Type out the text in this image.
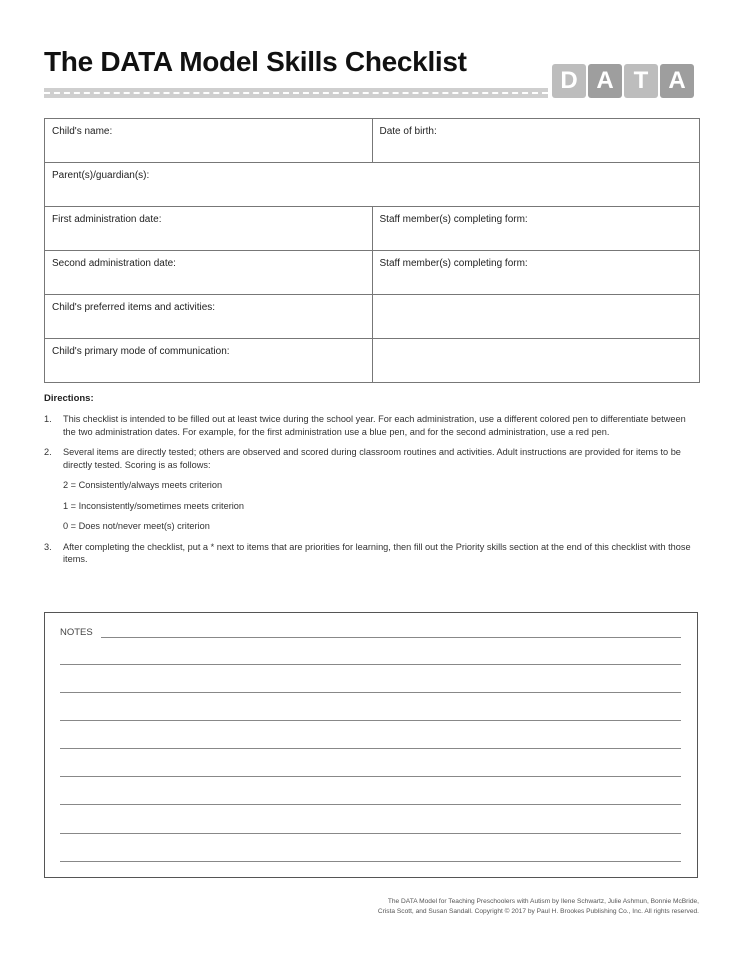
The DATA Model Skills Checklist
D A T A
Child's name:	Date of birth:
Parent(s)/guardian(s):	
First administration date:	Staff member(s) completing form:
Second administration date:	Staff member(s) completing form:
Child's preferred items and activities:	
Child's primary mode of communication:	
Directions:
1.	This checklist is intended to be filled out at least twice during the school year. For each administration, use a different colored pen to differentiate between the two administration dates. For example, for the first administration use a blue pen, and for the second administration, use a red pen.
2.	Several items are directly tested; others are observed and scored during classroom routines and activities. Adult instructions are provided for items to be directly tested. Scoring is as follows:
2 = Consistently/always meets criterion
1 = Inconsistently/sometimes meets criterion
0 = Does not/never meet(s) criterion
3.	After completing the checklist, put a * next to items that are priorities for learning, then fill out the Priority skills section at the end of this checklist with those items.
NOTES
The DATA Model for Teaching Preschoolers with Autism by Ilene Schwartz, Julie Ashmun, Bonnie McBride,
Crista Scott, and Susan Sandall. Copyright © 2017 by Paul H. Brookes Publishing Co., Inc. All rights reserved.
